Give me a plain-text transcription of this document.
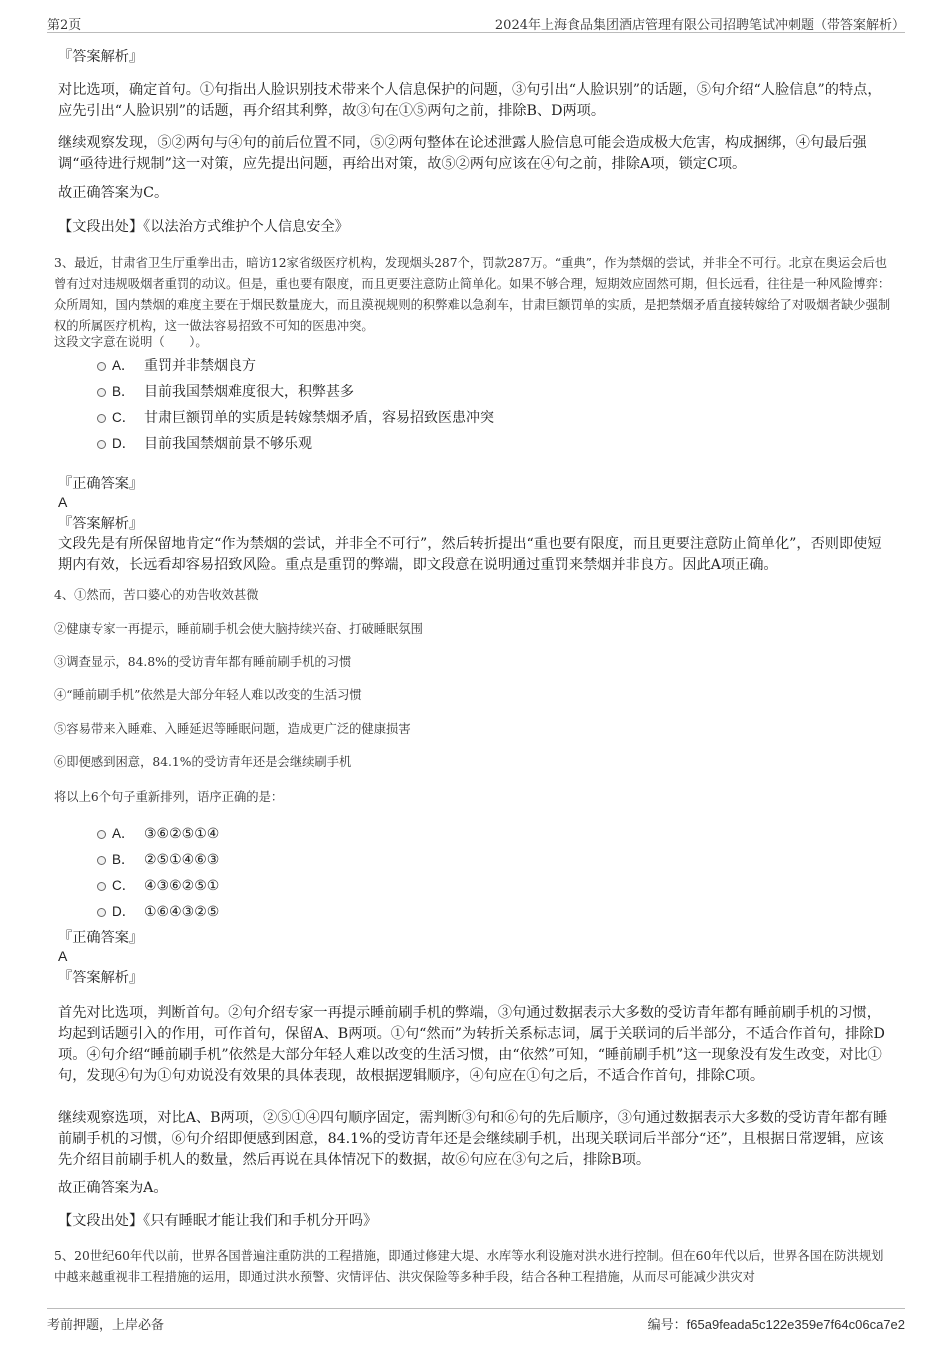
第2页	2024年上海食品集团酒店管理有限公司招聘笔试冲刺题（带答案解析）
『答案解析』

对比选项，确定首句。①句指出人脸识别技术带来个人信息保护的问题，③句引出“人脸识别”的话题，⑤句介绍“人脸信息”的特点，应先引出“人脸识别”的话题，再介绍其利弊，故③句在①⑤两句之前，排除B、D两项。

继续观察发现，⑤②两句与④句的前后位置不同，⑤②两句整体在论述泄露人脸信息可能会造成极大危害，构成捆绑，④句最后强调“亟待进行规制”这一对策，应先提出问题，再给出对策，故⑤②两句应该在④句之前，排除A项，锁定C项。

故正确答案为C。
【文段出处】《以法治方式维护个人信息安全》

3、最近，甘肃省卫生厅重拳出击，暗访12家省级医疗机构，发现烟头287个，罚款287万。“重典”，作为禁烟的尝试，并非全不可行。北京在奥运会后也曾有过对违规吸烟者重罚的动议。但是，重也要有限度，而且更要注意防止简单化。如果不够合理，短期效应固然可期，但长远看，往往是一种风险博弈：众所周知，国内禁烟的难度主要在于烟民数量庞大，而且漠视规则的积弊难以急刹车，甘肃巨额罚单的实质，是把禁烟矛盾直接转嫁给了对吸烟者缺少强制权的所属医疗机构，这一做法容易招致不可知的医患冲突。

这段文字意在说明（　　）。
A． 重罚并非禁烟良方
B． 目前我国禁烟难度很大，积弊甚多
C． 甘肃巨额罚单的实质是转嫁禁烟矛盾，容易招致医患冲突
D． 目前我国禁烟前景不够乐观
『正确答案』
A
『答案解析』

文段先是有所保留地肯定“作为禁烟的尝试，并非全不可行”，然后转折提出“重也要有限度，而且更要注意防止简单化”，否则即使短期内有效，长远看却容易招致风险。重点是重罚的弊端，即文段意在说明通过重罚来禁烟并非良方。因此A项正确。

4、①然而，苦口婆心的劝告收效甚微
②健康专家一再提示，睡前刷手机会使大脑持续兴奋、打破睡眠氛围
③调查显示，84.8%的受访青年都有睡前刷手机的习惯
④“睡前刷手机”依然是大部分年轻人难以改变的生活习惯
⑤容易带来入睡难、入睡延迟等睡眠问题，造成更广泛的健康损害
⑥即便感到困意，84.1%的受访青年还是会继续刷手机
将以上6个句子重新排列，语序正确的是：
A． ③⑥②⑤①④
B． ②⑤①④⑥③
C． ④③⑥②⑤①
D． ①⑥④③②⑤
『正确答案』
A
『答案解析』

首先对比选项，判断首句。②句介绍专家一再提示睡前刷手机的弊端，③句通过数据表示大多数的受访青年都有睡前刷手机的习惯，均起到话题引入的作用，可作首句，保留A、B两项。①句“然而”为转折关系标志词，属于关联词的后半部分，不适合作首句，排除D项。④句介绍“睡前刷手机”依然是大部分年轻人难以改变的生活习惯，由“依然”可知，“睡前刷手机”这一现象没有发生改变，对比①句，发现④句为①句劝说没有效果的具体表现，故根据逻辑顺序，④句应在①句之后，不适合作首句，排除C项。

继续观察选项，对比A、B两项，②⑤①④四句顺序固定，需判断③句和⑥句的先后顺序，③句通过数据表示大多数的受访青年都有睡前刷手机的习惯，⑥句介绍即便感到困意，84.1%的受访青年还是会继续刷手机，出现关联词后半部分“还”，且根据日常逻辑，应该先介绍目前刷手机人的数量，然后再说在具体情况下的数据，故⑥句应在③句之后，排除B项。

故正确答案为A。
【文段出处】《只有睡眠才能让我们和手机分开吗》

5、20世纪60年代以前，世界各国普遍注重防洪的工程措施，即通过修建大堤、水库等水利设施对洪水进行控制。但在60年代以后，世界各国在防洪规划中越来越重视非工程措施的运用，即通过洪水预警、灾情评估、洪灾保险等多种手段，结合各种工程措施，从而尽可能减少洪灾对

考前押题，上岸必备	编号：f65a9feada5c122e359e7f64c06ca7e2
